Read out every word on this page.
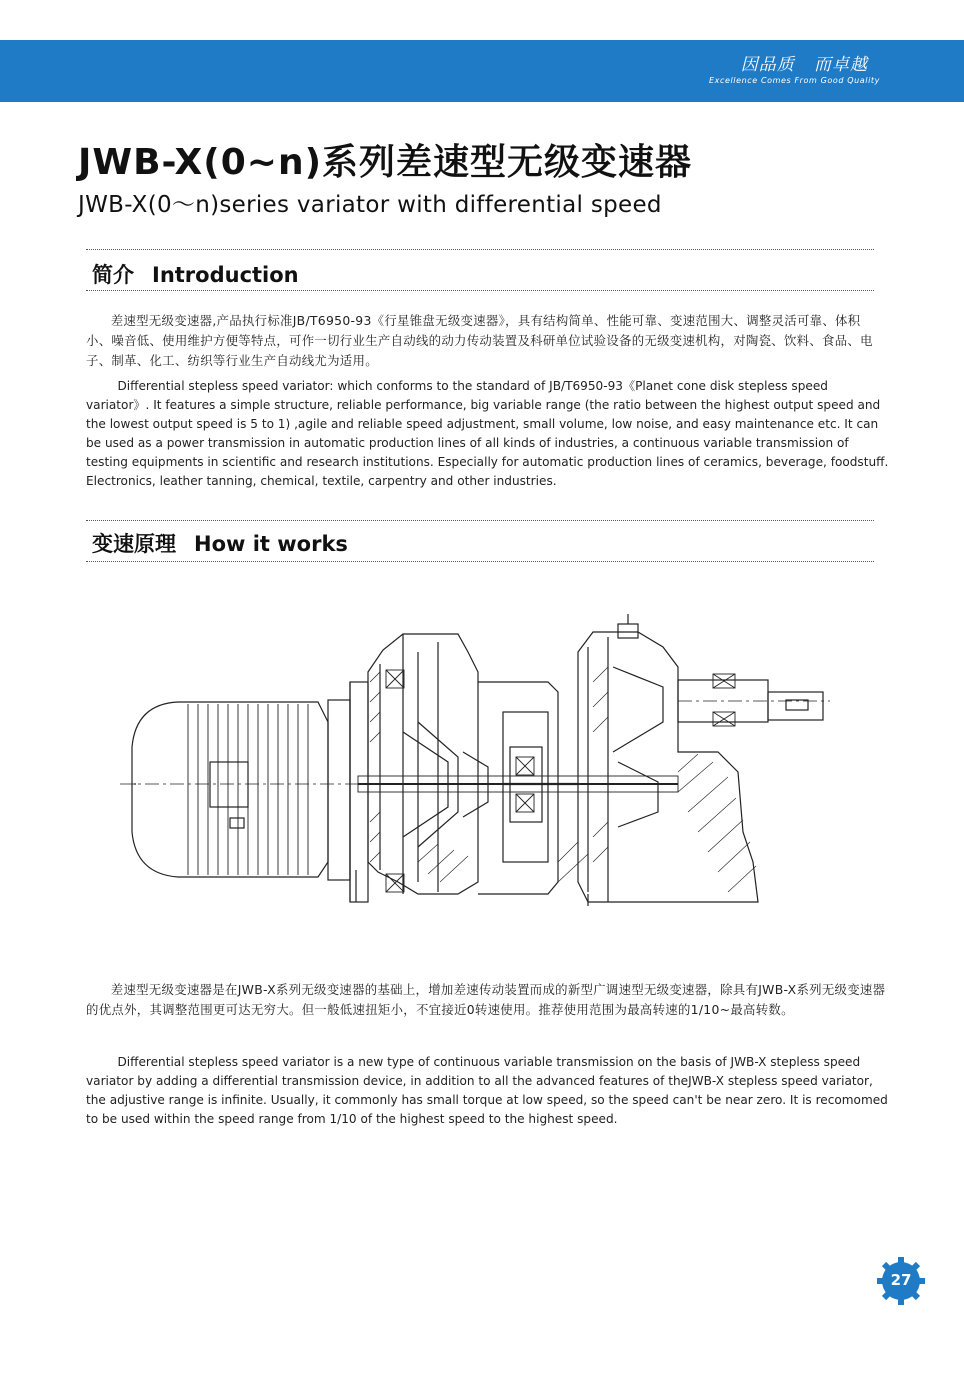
因品质   而卓越
Excellence Comes From Good Quality
JWB-X(0~n)系列差速型无级变速器
JWB-X(0～n)series variator with differential speed
简介 Introduction
差速型无级变速器,产品执行标准JB/T6950-93《行星锥盘无级变速器》，具有结构简单、性能可靠、变速范围大、调整灵活可靠、体积小、噪音低、使用维护方便等特点，可作一切行业生产自动线的动力传动装置及科研单位试验设备的无级变速机构，对陶瓷、饮料、食品、电子、制革、化工、纺织等行业生产自动线尤为适用。
Differential stepless speed variator: which conforms to the standard of JB/T6950-93《Planet cone disk stepless speed variator》. It features a simple structure, reliable performance, big variable range (the ratio between the highest output speed and the lowest output speed is 5 to 1) ,agile and reliable speed adjustment, small volume, low noise, and easy maintenance etc. It can be used as a power transmission in automatic production lines of all kinds of industries, a continuous variable transmission of testing equipments in scientific and research institutions. Especially for automatic production lines of ceramics, beverage, foodstuff. Electronics, leather tanning, chemical, textile, carpentry and other industries.
变速原理 How it works
差速型无级变速器是在JWB-X系列无级变速器的基础上，增加差速传动装置而成的新型广调速型无级变速器，除具有JWB-X系列无级变速器的优点外，其调整范围更可达无穷大。但一般低速扭矩小，不宜接近0转速使用。推荐使用范围为最高转速的1/10~最高转数。
Differential stepless speed variator is a new type of continuous variable transmission on the basis of JWB-X stepless speed variator by adding a differential transmission device, in addition to all the advanced features of theJWB-X stepless speed variator, the adjustive range is infinite. Usually, it commonly has small torque at low speed, so the speed can't be near zero. It is recomomed to be used within the speed range from 1/10 of the highest speed to the highest speed.
27
